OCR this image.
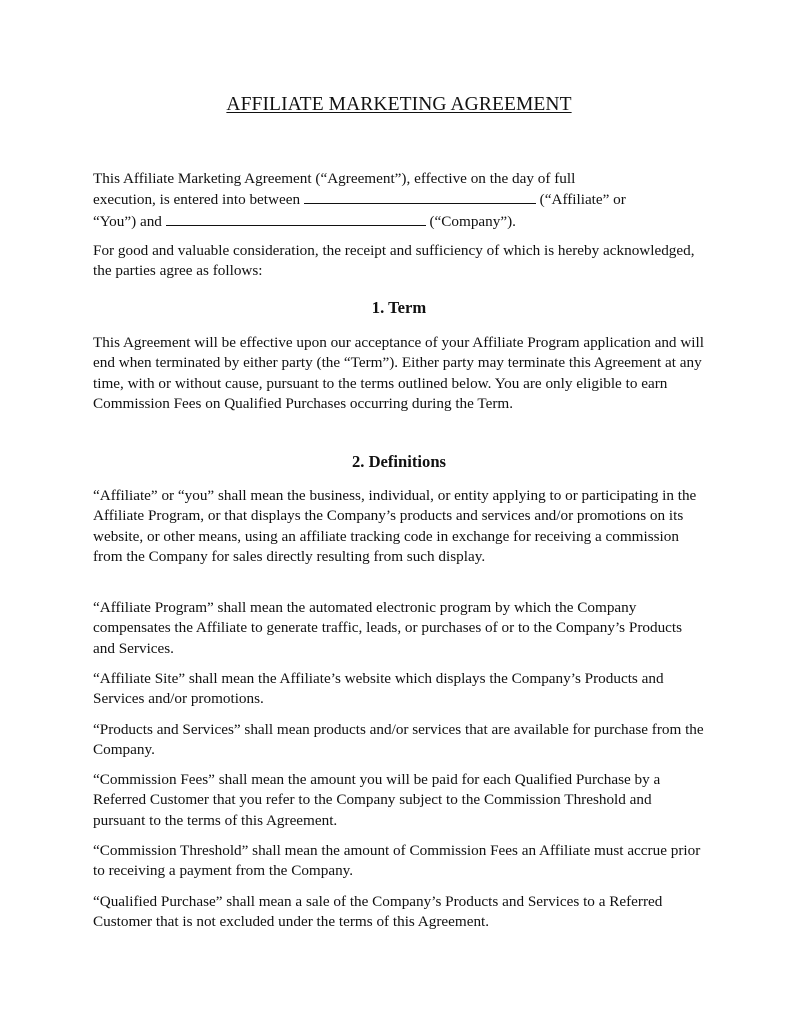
AFFILIATE MARKETING AGREEMENT
This Affiliate Marketing Agreement (“Agreement”), effective on the day of full
execution, is entered into between	(“Affiliate” or
“You”) and	(“Company”).

For good and valuable consideration, the receipt and sufficiency of which is hereby acknowledged, the parties agree as follows:

1. Term

This Agreement will be effective upon our acceptance of your Affiliate Program application and will end when terminated by either party (the “Term”). Either party may terminate this Agreement at any time, with or without cause, pursuant to the terms outlined below. You are only eligible to earn Commission Fees on Qualified Purchases occurring during the Term.

2. Definitions

“Affiliate” or “you” shall mean the business, individual, or entity applying to or participating in the Affiliate Program, or that displays the Company’s products and services and/or promotions on its website, or other means, using an affiliate tracking code in exchange for receiving a commission from the Company for sales directly resulting from such display.

“Affiliate Program” shall mean the automated electronic program by which the Company compensates the Affiliate to generate traffic, leads, or purchases of or to the Company’s Products and Services.

“Affiliate Site” shall mean the Affiliate’s website which displays the Company’s Products and Services and/or promotions.

“Products and Services” shall mean products and/or services that are available for purchase from the Company.

“Commission Fees” shall mean the amount you will be paid for each Qualified Purchase by a Referred Customer that you refer to the Company subject to the Commission Threshold and pursuant to the terms of this Agreement.

“Commission Threshold” shall mean the amount of Commission Fees an Affiliate must accrue prior to receiving a payment from the Company.

“Qualified Purchase” shall mean a sale of the Company’s Products and Services to a Referred Customer that is not excluded under the terms of this Agreement.
